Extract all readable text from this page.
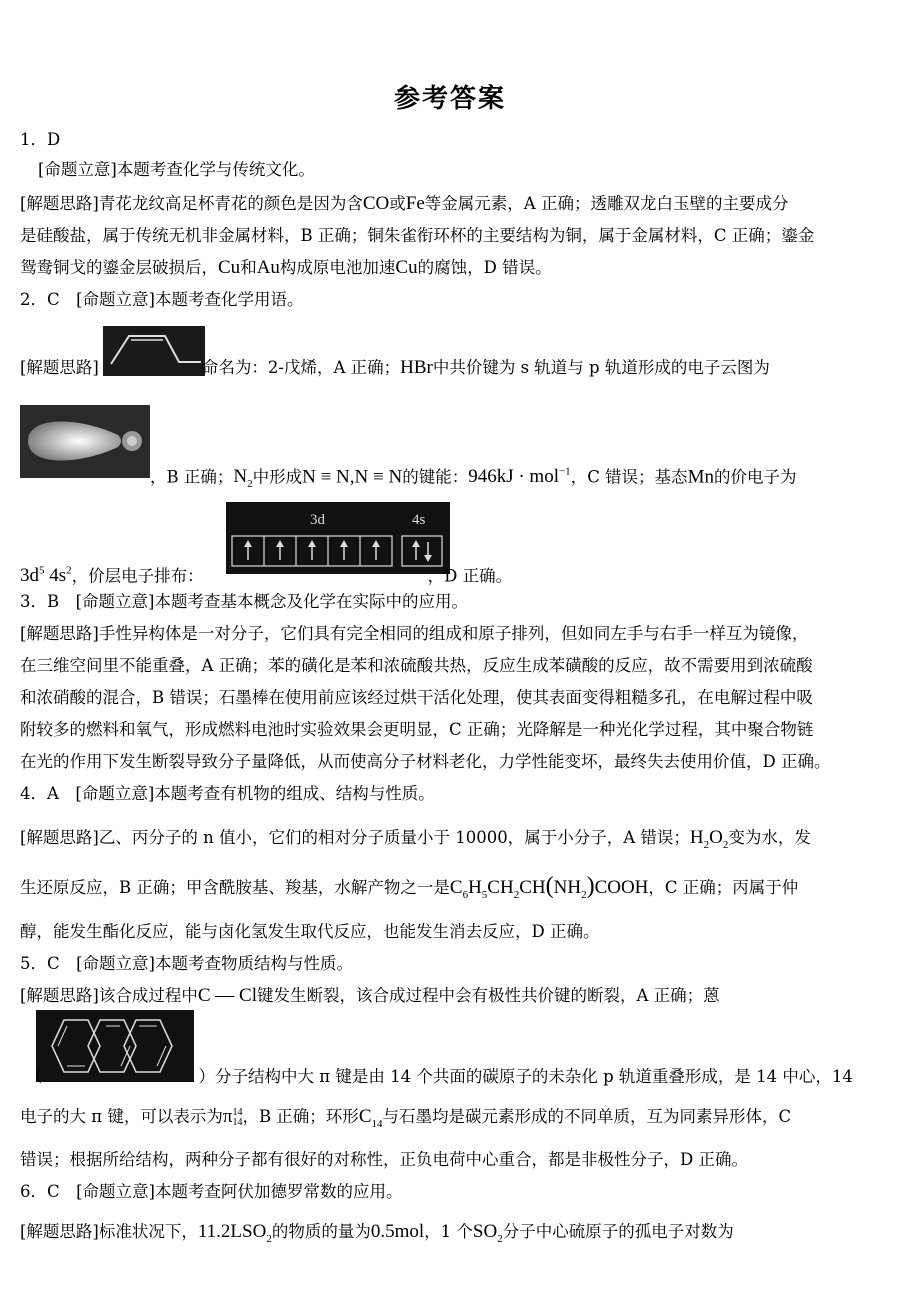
参考答案
1．D
[命题立意]本题考查化学与传统文化。
[解题思路]青花龙纹高足杯青花的颜色是因为含CO或Fe等金属元素，A 正确；透雕双龙白玉壁的主要成分
是硅酸盐，属于传统无机非金属材料，B 正确；铜朱雀衔环杯的主要结构为铜，属于金属材料，C 正确；鎏金
鸳鸯铜戈的鎏金层破损后，Cu和Au构成原电池加速Cu的腐蚀，D 错误。
2．C　[命题立意]本题考查化学用语。
[解题思路]	命名为：2-戊烯，A 正确；HBr中共价键为 s 轨道与 p 轨道形成的电子云图为
，B 正确；$N_2$中形成N ≡ N,N ≡ N的键能：946kJ · mol$^{-1}$，C 错误；基态Mn的价电子为
3d	4s
$3d^5$ $4s^2$，价层电子排布：	，D 正确。
3．B　[命题立意]本题考查基本概念及化学在实际中的应用。
[解题思路]手性异构体是一对分子，它们具有完全相同的组成和原子排列，但如同左手与右手一样互为镜像，
在三维空间里不能重叠，A 正确；苯的磺化是苯和浓硫酸共热，反应生成苯磺酸的反应，故不需要用到浓硫酸
和浓硝酸的混合，B 错误；石墨棒在使用前应该经过烘干活化处理，使其表面变得粗糙多孔，在电解过程中吸
附较多的燃料和氧气，形成燃料电池时实验效果会更明显，C 正确；光降解是一种光化学过程，其中聚合物链
在光的作用下发生断裂导致分子量降低，从而使高分子材料老化，力学性能变坏，最终失去使用价值，D 正确。
4．A　[命题立意]本题考查有机物的组成、结构与性质。
[解题思路]乙、丙分子的 n 值小，它们的相对分子质量小于 10000，属于小分子，A 错误；$H_2O_2$变为水，发
生还原反应，B 正确；甲含酰胺基、羧基，水解产物之一是$C_6H_5CH_2CH(NH_2)COOH$，C 正确；丙属于仲
醇，能发生酯化反应，能与卤化氢发生取代反应，也能发生消去反应，D 正确。
5．C　[命题立意]本题考查物质结构与性质。
[解题思路]该合成过程中C — Cl键发生断裂，该合成过程中会有极性共价键的断裂，A 正确；蒽
（	）分子结构中大 π 键是由 14 个共面的碳原子的未杂化 p 轨道重叠形成，是 14 中心，14
电子的大 π 键，可以表示为π 14
14 ，B 正确；环形$C_{14}$与石墨均是碳元素形成的不同单质，互为同素异形体，C
错误；根据所给结构，两种分子都有很好的对称性，正负电荷中心重合，都是非极性分子，D 正确。
6．C　[命题立意]本题考查阿伏加德罗常数的应用。
[解题思路]标准状况下，$11.2LSO_2$的物质的量为0.5mol，1 个$SO_2$分子中心硫原子的孤电子对数为
